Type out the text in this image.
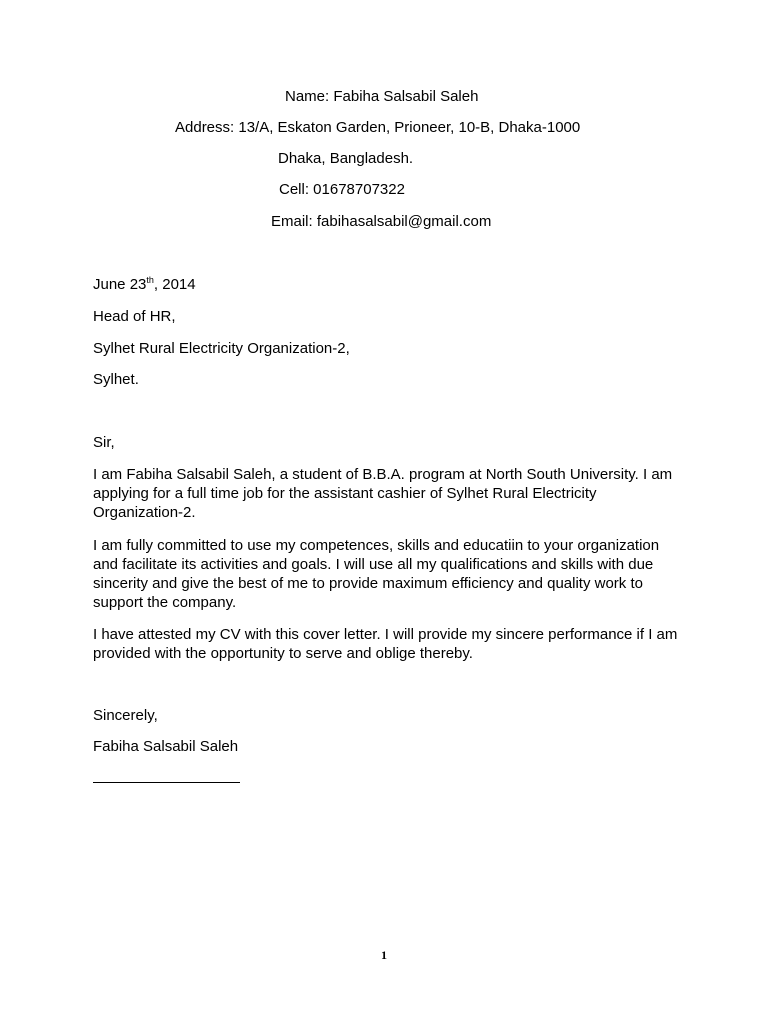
Name: Fabiha Salsabil Saleh
Address: 13/A, Eskaton Garden, Prioneer, 10-B, Dhaka-1000
Dhaka, Bangladesh.
Cell: 01678707322
Email: fabihasalsabil@gmail.com
June 23th, 2014
Head of HR,
Sylhet Rural Electricity Organization-2,
Sylhet.
Sir,
I am Fabiha Salsabil Saleh, a student of B.B.A. program at North South University. I am applying for a full time job for the assistant cashier of Sylhet Rural Electricity Organization-2.
I am fully committed to use my competences, skills and educatiin to your organization and facilitate its activities and goals. I will use all my qualifications and skills with due sincerity and give the best of me to provide maximum efficiency and quality work to support the company.
I have attested my CV with this cover letter. I will provide my sincere performance if I am provided with the opportunity to serve and oblige thereby.
Sincerely,
Fabiha Salsabil Saleh
1
